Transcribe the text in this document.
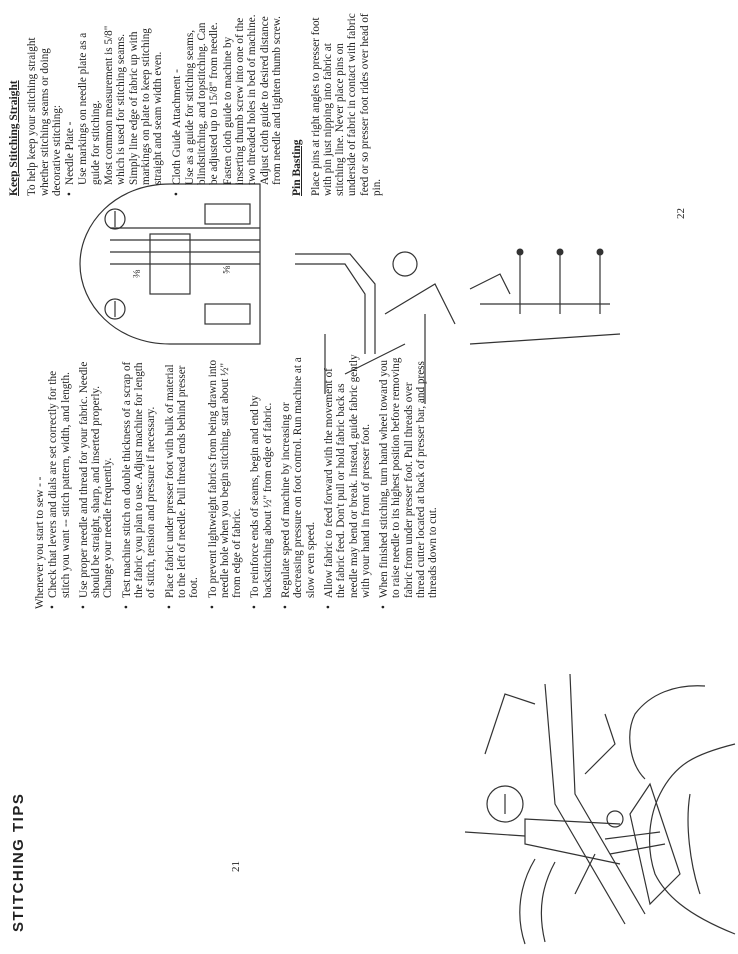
STITCHING TIPS	21

Whenever you start to sew - - •
Check that levers and dials are set correctly for the stitch you want -- stitch pattern, width, and length.
•
Use proper needle and thread for your fabric. Needle should be straight, sharp, and inserted properly. Change your needle frequently.
•
Test machine stitch on double thickness of a scrap of the fabric you plan to use. Adjust machine for length of stitch, tension and pressure if necessary.
•
Place fabric under presser foot with bulk of material to the left of needle. Pull thread ends behind presser foot.
•
To prevent lightweight fabrics from being drawn into needle hole when you begin stitching, start about ½" from edge of fabric.
•
To reinforce ends of seams, begin and end by backstitching about ½" from edge of fabric.
•
Regulate speed of machine by increasing or decreasing pressure on foot control. Run machine at a slow even speed.
•
Allow fabric to feed forward with the movement of the fabric feed. Don't pull or hold fabric back as needle may bend or break. Instead, guide fabric gently with your hand in front of presser foot.
•
When finished stitching, turn hand wheel toward you to raise needle to its highest position before removing fabric from under presser foot. Pull threads over thread cutter located at back of presser bar, and press threads down to cut.
⅝
⅜
22
Keep Stitching Straight To help keep your stitching straight whether stitching seams or doing decorative stitching: •

Needle Plate - Use markings on needle plate as a guide for stitching. Most common measurement is 5/8" which is used for stitching seams. Simply line edge of fabric up with markings on plate to keep stitching straight and seam width even.

•

Cloth Guide Attachment - Use as a guide for stitching seams, blindstitching, and topstitching. Can be adjusted up to 15/8" from needle. Fasten cloth guide to machine by inserting thumb screw into one of the two threaded holes in bed of machine. Adjust cloth guide to desired distance from needle and tighten thumb screw. Pin Basting Place pins at right angles to presser foot with pin just nipping into fabric at stitching line. Never place pins on underside of fabric in contact with fabric feed or so presser foot rides over head of pin.
